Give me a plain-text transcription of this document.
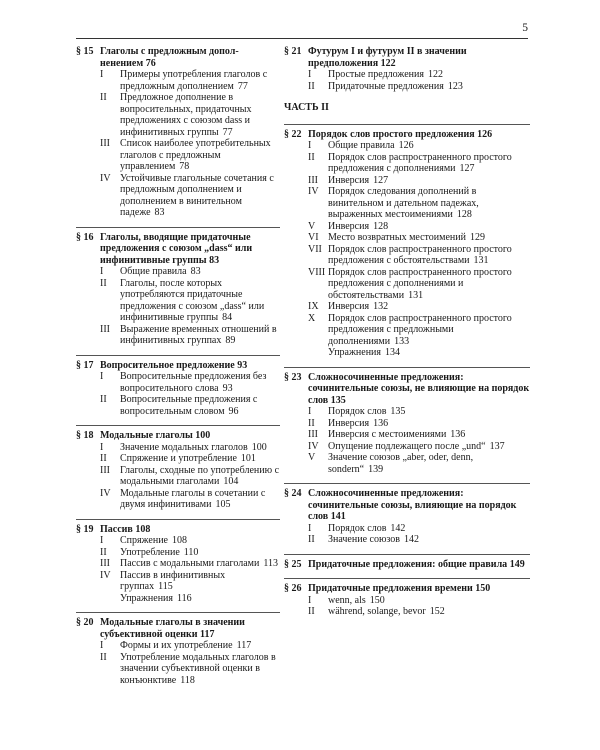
5
§ 15 Глаголы с предложным допол-ненением 76
I	Примеры употребления глаголов с предложным дополнением 77
II	Предложное дополнение в вопросительных, придаточных предложениях с союзом dass и инфинитивных группы 77
III	Список наиболее употребительных глаголов с предложным управлением 78
IV Устойчивые глагольные сочетания с предложным дополнением и дополнением в винительном падеже 83
§ 16 Глаголы, вводящие придаточные предложения с союзом „dass“ или инфинитивные группы 83
I	Общие правила 83
II	Глаголы, после которых употребляются придаточные предложения с союзом „dass“ или инфинитивные группы 84
III	Выражение временных отношений в инфинитивных группах 89
§ 17 Вопросительное предложение 93
I	Вопросительные предложения без вопросительного слова 93
II	Вопросительные предложения с вопросительным словом 96
§ 18 Модальные глаголы 100
I	Значение модальных глаголов 100
II	Спряжение и употребление 101
III	Глаголы, сходные по употреблению с модальными глаголами 104
IV Модальные глаголы в сочетании с двумя инфинитивами 105
§ 19 Пассив 108
I	Спряжение 108
II	Употребление 110
III	Пассив с модальными глаголами 113
IV Пассив в инфинитивных группах 115
Упражнения 116
§ 20 Модальные глаголы в значении субъективной оценки 117
I	Формы и их употребление 117
II	Употребление модальных глаголов в значении субъективной оценки в конъюнктиве 118
§ 21 Футурум I и футурум II в значении предположения 122
I	Простые предложения 122
II	Придаточные предложения 123
ЧАСТЬ II
§ 22 Порядок слов простого предложения 126
I	Общие правила 126
II	Порядок слов распространенного простого предложения с дополнениями 127
III	Инверсия 127
IV Порядок следования дополнений в винительном и дательном падежах, выраженных местоимениями 128
V	Инверсия 128
VI Место возвратных местоимений 129
VII Порядок слов распространенного простого предложения с обстоятельствами 131
VIII Порядок слов распространенного простого предложения с дополнениями и обстоятельствами 131
IX Инверсия 132
X	Порядок слов распространенного простого предложения с предложными дополнениями 133
Упражнения 134
§ 23 Сложносочиненные предложения: сочинительные союзы, не влияющие на порядок слов 135
I	Порядок слов 135
II	Инверсия 136
III	Инверсия с местоимениями 136
IV Опущение подлежащего после „und“ 137
V	Значение союзов „aber, oder, denn, sondern“ 139
§ 24 Сложносочиненные предложения: сочинительные союзы, влияющие на порядок слов 141
I	Порядок слов 142
II	Значение союзов 142
§ 25 Придаточные предложения: общие правила 149
§ 26 Придаточные предложения времени 150
I	wenn, als 150
II	während, solange, bevor 152
